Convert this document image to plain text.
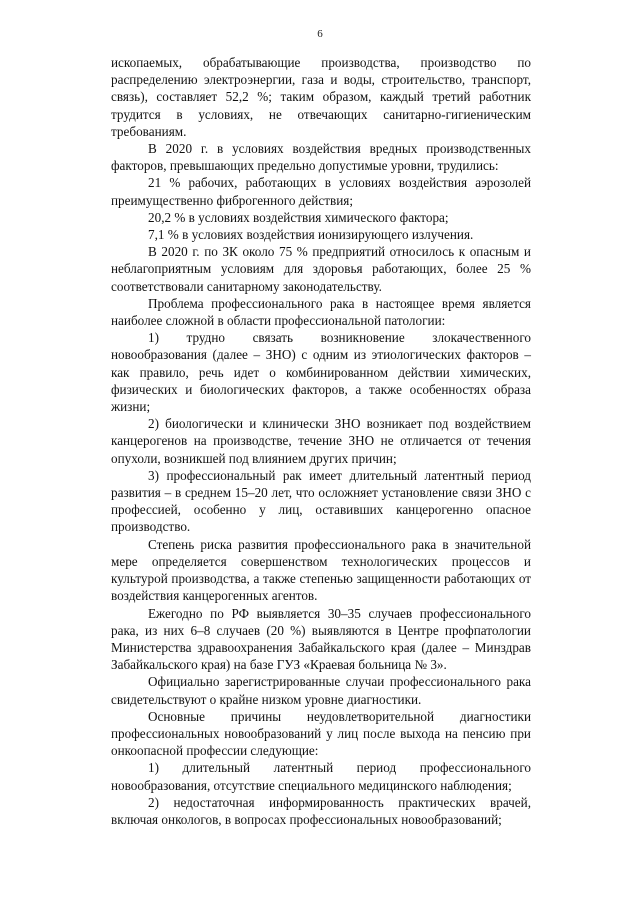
6

ископаемых, обрабатывающие производства, производство по распределению электроэнергии, газа и воды, строительство, транспорт, связь), составляет 52,2 %; таким образом, каждый третий работник трудится в условиях, не отвечающих санитарно-гигиеническим требованиям.

В 2020 г. в условиях воздействия вредных производственных факторов, превышающих предельно допустимые уровни, трудились:

21 % рабочих, работающих в условиях воздействия аэрозолей преимущественно фиброгенного действия;

20,2 % в условиях воздействия химического фактора;

7,1 % в условиях воздействия ионизирующего излучения.

В 2020 г. по ЗК около 75 % предприятий относилось к опасным и неблагоприятным условиям для здоровья работающих, более 25 % соответствовали санитарному законодательству.

Проблема профессионального рака в настоящее время является наиболее сложной в области профессиональной патологии:

1) трудно связать возникновение злокачественного новообразования (далее – ЗНО) с одним из этиологических факторов – как правило, речь идет о комбинированном действии химических, физических и биологических факторов, а также особенностях образа жизни;

2) биологически и клинически ЗНО возникает под воздействием канцерогенов на производстве, течение ЗНО не отличается от течения опухоли, возникшей под влиянием других причин;

3) профессиональный рак имеет длительный латентный период развития – в среднем 15–20 лет, что осложняет установление связи ЗНО с профессией, особенно у лиц, оставивших канцерогенно опасное производство.

Степень риска развития профессионального рака в значительной мере определяется совершенством технологических процессов и культурой производства, а также степенью защищенности работающих от воздействия канцерогенных агентов.

Ежегодно по РФ выявляется 30–35 случаев профессионального рака, из них 6–8 случаев (20 %) выявляются в Центре профпатологии Министерства здравоохранения Забайкальского края (далее – Минздрав Забайкальского края) на базе ГУЗ «Краевая больница № 3».

Официально зарегистрированные случаи профессионального рака свидетельствуют о крайне низком уровне диагностики.

Основные причины неудовлетворительной диагностики профессиональных новообразований у лиц после выхода на пенсию при онкоопасной профессии следующие:

1) длительный латентный период профессионального новообразования, отсутствие специального медицинского наблюдения;

2) недостаточная информированность практических врачей, включая онкологов, в вопросах профессиональных новообразований;
